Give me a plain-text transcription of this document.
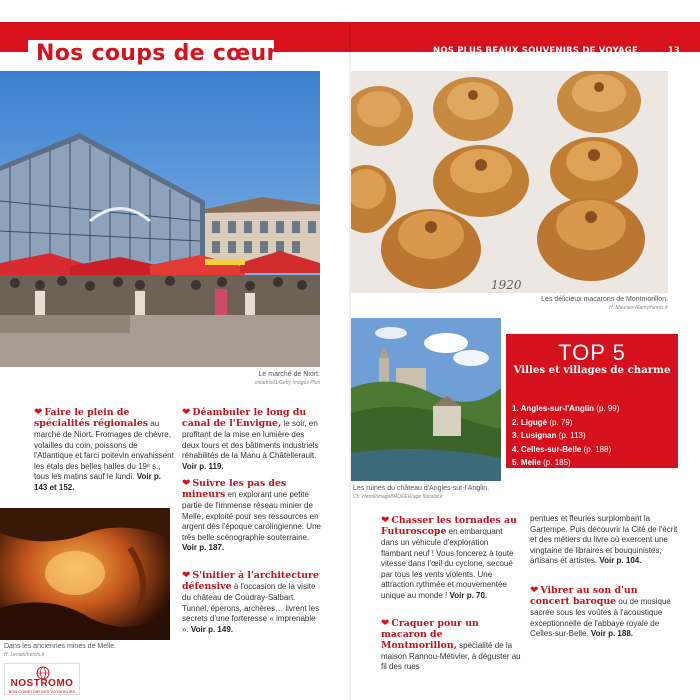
Nos coups de cœur	NOS PLUS BEAUX SOUVENIRS DE VOYAGE	13
Le marché de Niort.
imladris01/Getty Images Plus
1920
Les délicieux macarons de Montmorillon.
H. Meunier/Alamy/hemis.fr
Les ruines du château d'Angles-sur-l'Anglin.
Ch. Hendl/imageBROKER/age fotostock
TOP 5
Villes et villages de charme
1. Angles-sur-l'Anglin (p. 99)
2. Ligugé (p. 79)
3. Lusignan (p. 113)
4. Celles-sur-Belle (p. 188)
5. Melle (p. 185)
Dans les anciennes mines de Melle.
H. Lenain/hemis.fr
❤ Faire le plein de spécialités régionales au marché de Niort. Fromages de chèvre, volailles du coin, poissons de l'Atlantique et farci poitevin envahissent les étals des belles halles du 19ᵉ s., tous les matins sauf le lundi. Voir p. 143 et 152.
❤ Déambuler le long du canal de l'Envigne, le soir, en profitant de la mise en lumière des deux tours et des bâtiments industriels réhabilités de la Manu à Châtellerault. Voir p. 119.
❤ Suivre les pas des mineurs en explorant une petite partie de l'immense réseau minier de Melle, exploité pour ses ressources en argent dès l'époque carolingienne. Une très belle scénographie souterraine. Voir p. 187.
❤ S'initier à l'architecture défensive à l'occasion de la visite du château de Coudray-Salbart. Tunnel, éperons, archères… livrent les secrets d'une forteresse « imprenable ». Voir p. 149.
❤ Chasser les tornades au Futuroscope en embarquant dans un véhicule d'exploration flambant neuf ! Vous foncerez à toute vitesse dans l'œil du cyclone, secoué par tous les vents violents. Une attraction rythmée et mouvementée unique au monde ! Voir p. 70.
❤ Craquer pour un macaron de Montmorillon, spécialité de la maison Rannou-Métivier, à déguster au fil des rues
pentues et fleuries surplombant la Gartempe. Puis découvrir la Cité de l'écrit et des métiers du livre où exercent une vingtaine de libraires et bouquinistes, artisans et artistes. Voir p. 104.
❤ Vibrer au son d'un concert baroque ou de musique sacrée sous les voûtes à l'acoustique exceptionnelle de l'abbaye royale de Celles-sur-Belle. Voir p. 188.
NOSTROMO
BON COMPTOIR DES VOYAGEURS
